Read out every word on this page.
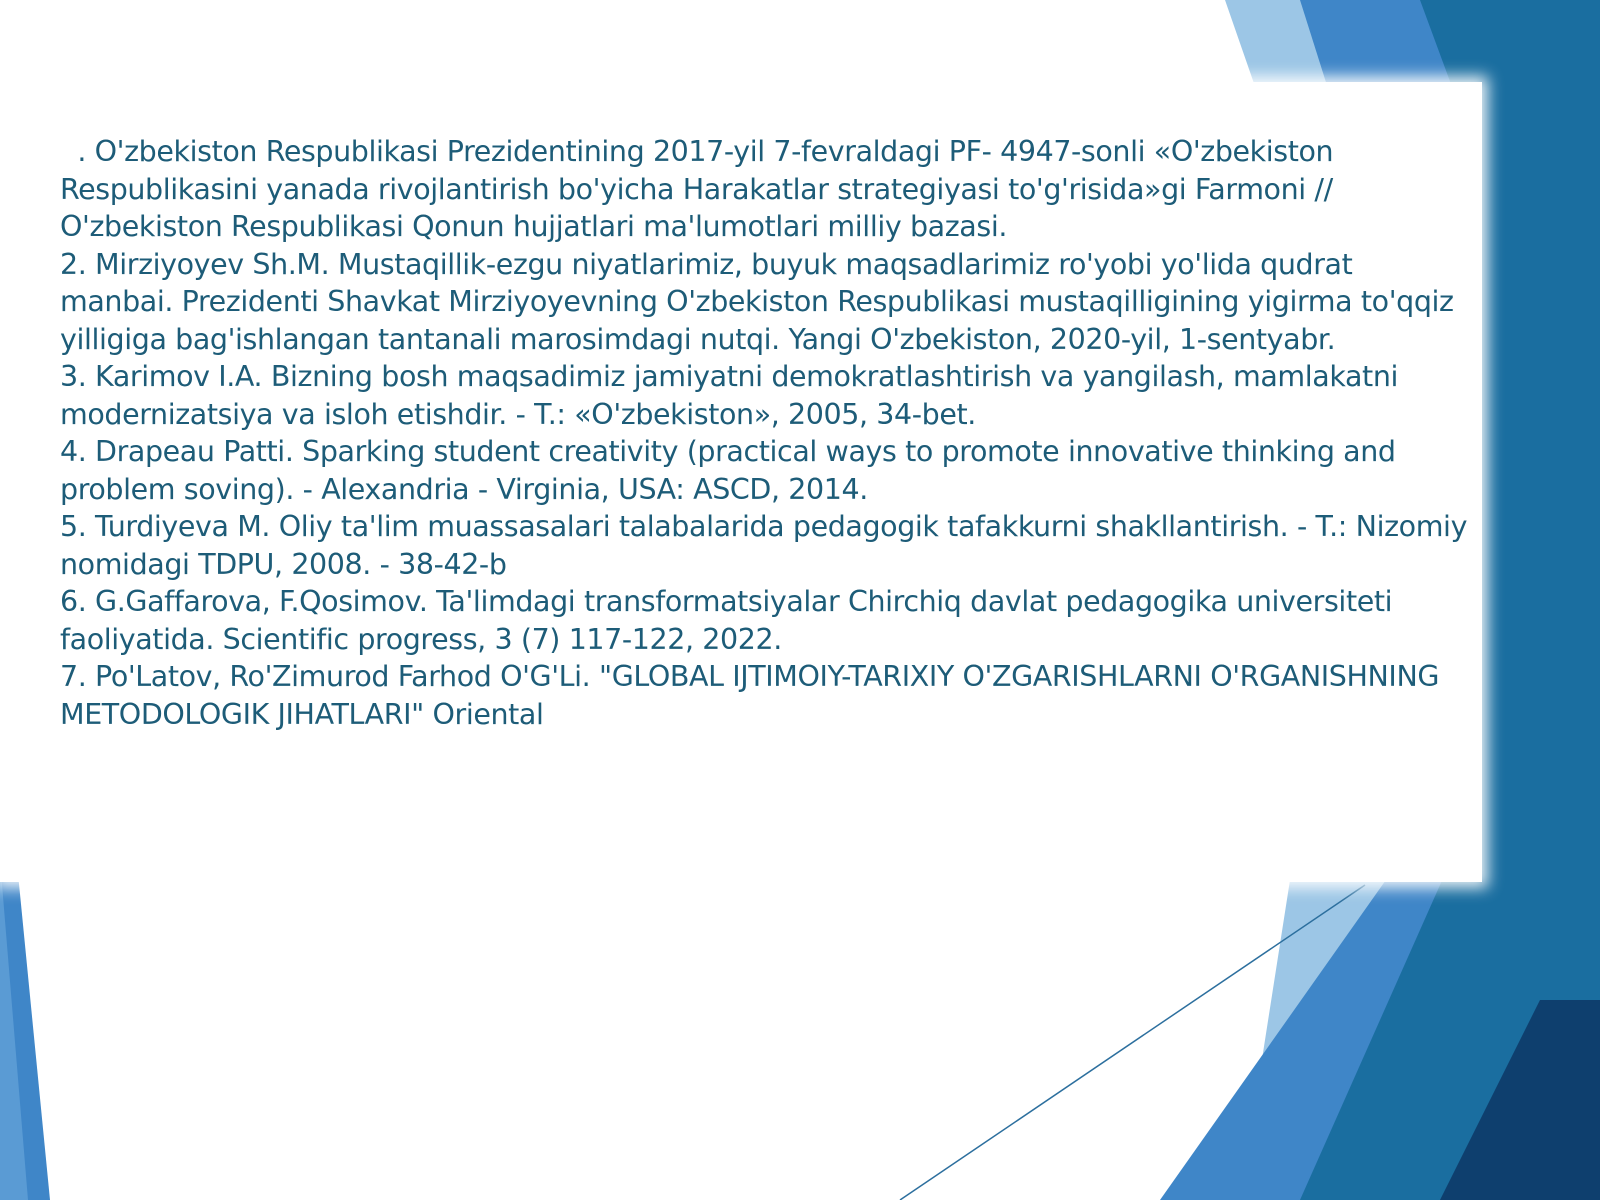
. O'zbekiston Respublikasi Prezidentining 2017-yil 7-fevraldagi PF- 4947-sonli «O'zbekiston Respublikasini yanada rivojlantirish bo'yicha Harakatlar strategiyasi to'g'risida»gi Farmoni // O'zbekiston Respublikasi Qonun hujjatlari ma'lumotlari milliy bazasi.
2. Mirziyoyev Sh.M. Mustaqillik-ezgu niyatlarimiz, buyuk maqsadlarimiz ro'yobi yo'lida qudrat manbai. Prezidenti Shavkat Mirziyoyevning O'zbekiston Respublikasi mustaqilligining yigirma to'qqiz yilligiga bag'ishlangan tantanali marosimdagi nutqi. Yangi O'zbekiston, 2020-yil, 1-sentyabr.
3. Karimov I.A. Bizning bosh maqsadimiz jamiyatni demokratlashtirish va yangilash, mamlakatni modernizatsiya va isloh etishdir. - T.: «O'zbekiston», 2005, 34-bet.
4. Drapeau Patti. Sparking student creativity (practical ways to promote innovative thinking and problem soving). - Alexandria - Virginia, USA: ASCD, 2014.
5. Turdiyeva M. Oliy ta'lim muassasalari talabalarida pedagogik tafakkurni shakllantirish. - T.: Nizomiy nomidagi TDPU, 2008. - 38-42-b
6. G.Gaffarova, F.Qosimov. Ta'limdagi transformatsiyalar Chirchiq davlat pedagogika universiteti faoliyatida. Scientific progress, 3 (7) 117-122, 2022.
7. Po'Latov, Ro'Zimurod Farhod O'G'Li. "GLOBAL IJTIMOIY-TARIXIY O'ZGARISHLARNI O'RGANISHNING METODOLOGIK JIHATLARI" Oriental
